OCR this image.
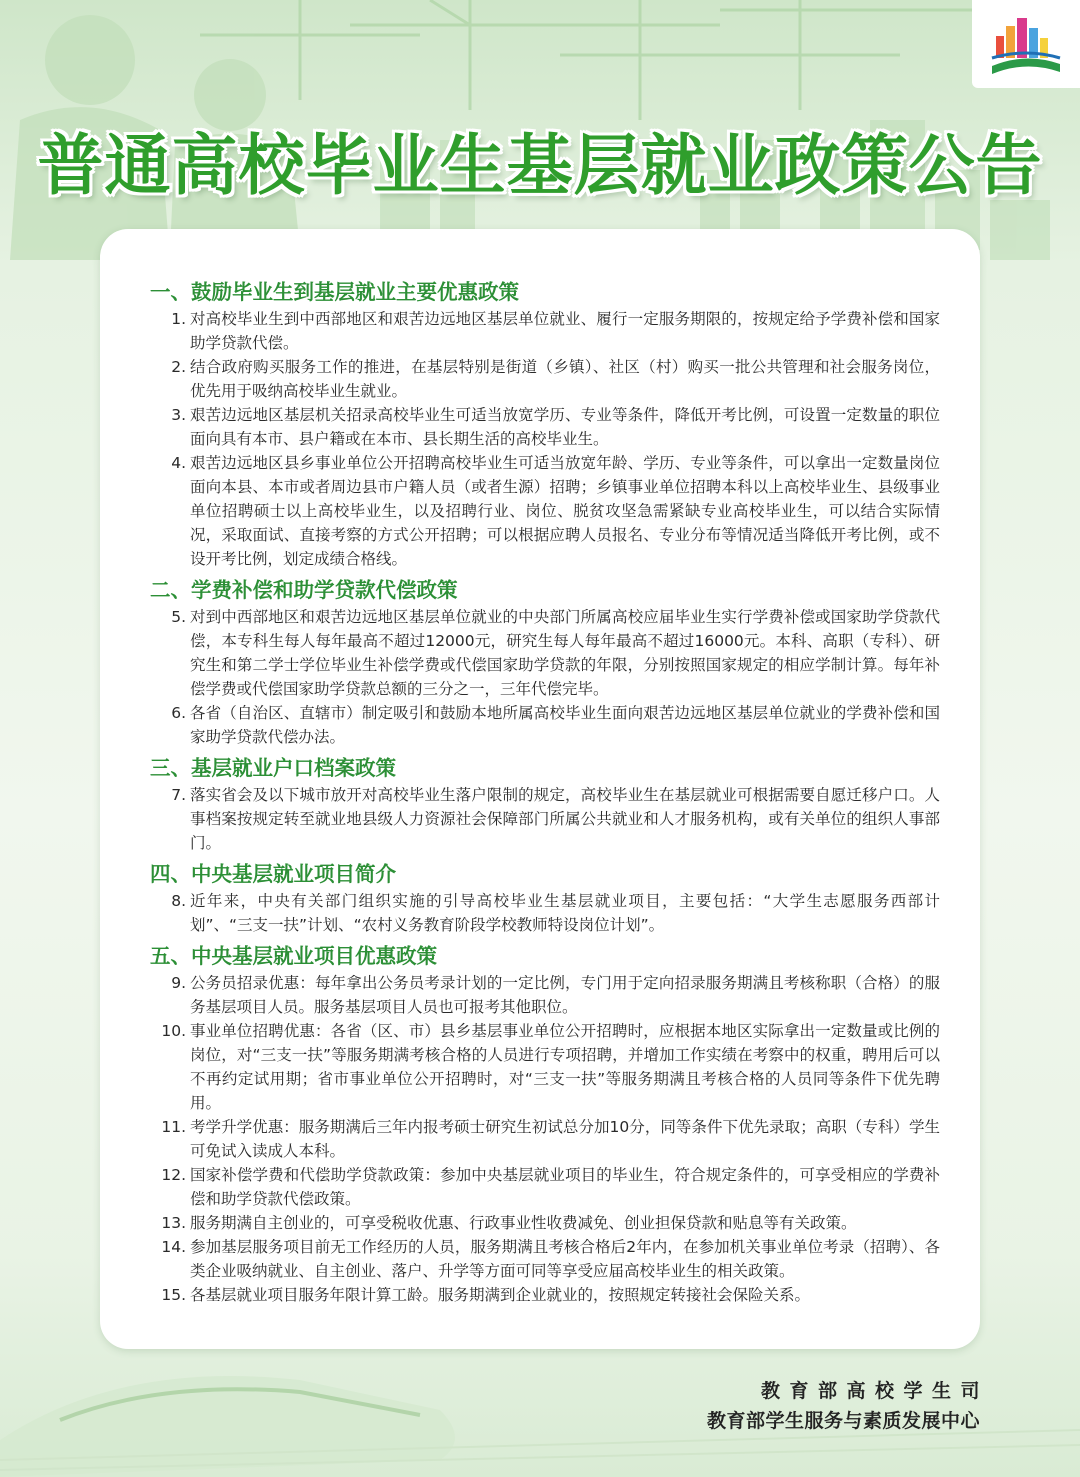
普通高校毕业生基层就业政策公告
一、鼓励毕业生到基层就业主要优惠政策
1. 对高校毕业生到中西部地区和艰苦边远地区基层单位就业、履行一定服务期限的，按规定给予学费补偿和国家助学贷款代偿。
2. 结合政府购买服务工作的推进，在基层特别是街道（乡镇）、社区（村）购买一批公共管理和社会服务岗位，优先用于吸纳高校毕业生就业。
3. 艰苦边远地区基层机关招录高校毕业生可适当放宽学历、专业等条件，降低开考比例，可设置一定数量的职位面向具有本市、县户籍或在本市、县长期生活的高校毕业生。
4. 艰苦边远地区县乡事业单位公开招聘高校毕业生可适当放宽年龄、学历、专业等条件，可以拿出一定数量岗位面向本县、本市或者周边县市户籍人员（或者生源）招聘；乡镇事业单位招聘本科以上高校毕业生、县级事业单位招聘硕士以上高校毕业生，以及招聘行业、岗位、脱贫攻坚急需紧缺专业高校毕业生，可以结合实际情况，采取面试、直接考察的方式公开招聘；可以根据应聘人员报名、专业分布等情况适当降低开考比例，或不设开考比例，划定成绩合格线。
二、学费补偿和助学贷款代偿政策
5. 对到中西部地区和艰苦边远地区基层单位就业的中央部门所属高校应届毕业生实行学费补偿或国家助学贷款代偿，本专科生每人每年最高不超过12000元，研究生每人每年最高不超过16000元。本科、高职（专科）、研究生和第二学士学位毕业生补偿学费或代偿国家助学贷款的年限，分别按照国家规定的相应学制计算。每年补偿学费或代偿国家助学贷款总额的三分之一，三年代偿完毕。
6. 各省（自治区、直辖市）制定吸引和鼓励本地所属高校毕业生面向艰苦边远地区基层单位就业的学费补偿和国家助学贷款代偿办法。
三、基层就业户口档案政策
7. 落实省会及以下城市放开对高校毕业生落户限制的规定，高校毕业生在基层就业可根据需要自愿迁移户口。人事档案按规定转至就业地县级人力资源社会保障部门所属公共就业和人才服务机构，或有关单位的组织人事部门。
四、中央基层就业项目简介
8. 近年来，中央有关部门组织实施的引导高校毕业生基层就业项目，主要包括：“大学生志愿服务西部计划”、“三支一扶”计划、“农村义务教育阶段学校教师特设岗位计划”。
五、中央基层就业项目优惠政策
9. 公务员招录优惠：每年拿出公务员考录计划的一定比例，专门用于定向招录服务期满且考核称职（合格）的服务基层项目人员。服务基层项目人员也可报考其他职位。
10. 事业单位招聘优惠：各省（区、市）县乡基层事业单位公开招聘时，应根据本地区实际拿出一定数量或比例的岗位，对“三支一扶”等服务期满考核合格的人员进行专项招聘，并增加工作实绩在考察中的权重，聘用后可以不再约定试用期；省市事业单位公开招聘时，对“三支一扶”等服务期满且考核合格的人员同等条件下优先聘用。
11. 考学升学优惠：服务期满后三年内报考硕士研究生初试总分加10分，同等条件下优先录取；高职（专科）学生可免试入读成人本科。
12. 国家补偿学费和代偿助学贷款政策：参加中央基层就业项目的毕业生，符合规定条件的，可享受相应的学费补偿和助学贷款代偿政策。
13. 服务期满自主创业的，可享受税收优惠、行政事业性收费减免、创业担保贷款和贴息等有关政策。
14. 参加基层服务项目前无工作经历的人员，服务期满且考核合格后2年内，在参加机关事业单位考录（招聘）、各类企业吸纳就业、自主创业、落户、升学等方面可同等享受应届高校毕业生的相关政策。
15. 各基层就业项目服务年限计算工龄。服务期满到企业就业的，按照规定转接社会保险关系。
教育部高校学生司
教育部学生服务与素质发展中心
